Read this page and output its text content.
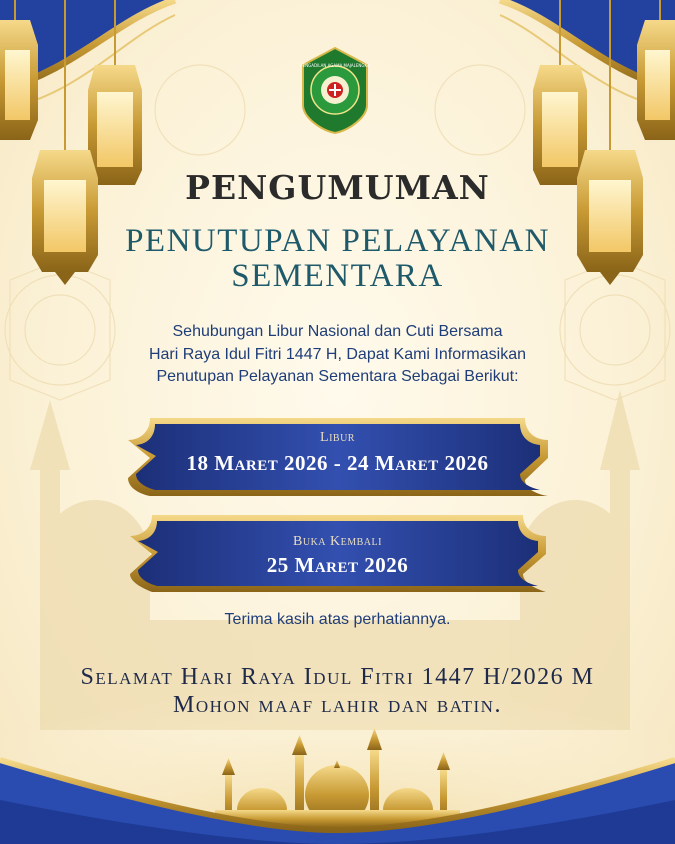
PENGADILAN AGAMA MAJALENGKA
PENGUMUMAN
PENUTUPAN PELAYANAN
SEMENTARA
Sehubungan Libur Nasional dan Cuti Bersama
Hari Raya Idul Fitri 1447 H, Dapat Kami Informasikan
Penutupan Pelayanan Sementara Sebagai Berikut:
Libur
18 Maret 2026 - 24 Maret 2026
Buka Kembali
25 Maret 2026
Terima kasih atas perhatiannya.
Selamat Hari Raya Idul Fitri 1447 H/2026 M
Mohon maaf lahir dan batin.
